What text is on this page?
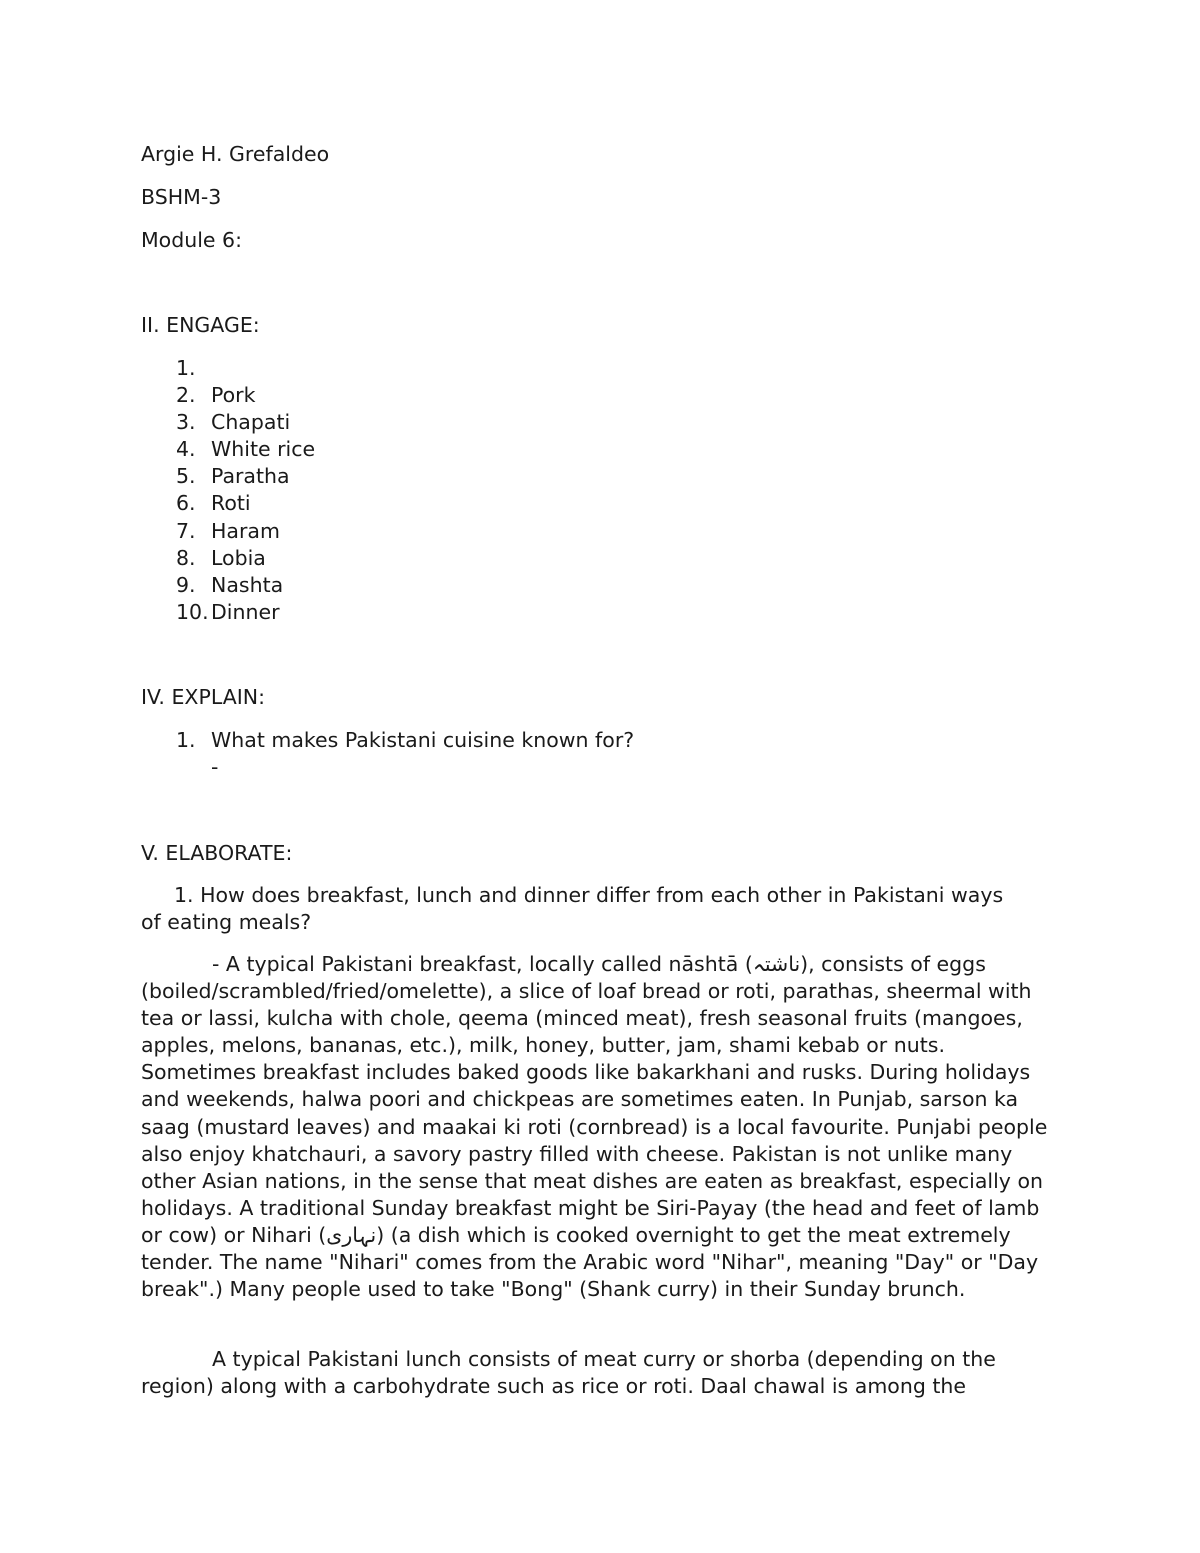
Argie H. Grefaldeo
BSHM-3
Module 6:
II. ENGAGE:
1.
2. Pork
3. Chapati
4. White rice
5. Paratha
6. Roti
7. Haram
8. Lobia
9. Nashta
10. Dinner
IV. EXPLAIN:
1. What makes Pakistani cuisine known for?
-
V. ELABORATE:
1. How does breakfast, lunch and dinner differ from each other in Pakistani ways
of eating meals?
- A typical Pakistani breakfast, locally called nāshtā (ناشتہ), consists of eggs (boiled/scrambled/fried/omelette), a slice of loaf bread or roti, parathas, sheermal with tea or lassi, kulcha with chole, qeema (minced meat), fresh seasonal fruits (mangoes, apples, melons, bananas, etc.), milk, honey, butter, jam, shami kebab or nuts. Sometimes breakfast includes baked goods like bakarkhani and rusks. During holidays and weekends, halwa poori and chickpeas are sometimes eaten. In Punjab, sarson ka saag (mustard leaves) and maakai ki roti (cornbread) is a local favourite. Punjabi people also enjoy khatchauri, a savory pastry filled with cheese. Pakistan is not unlike many other Asian nations, in the sense that meat dishes are eaten as breakfast, especially on holidays. A traditional Sunday breakfast might be Siri-Payay (the head and feet of lamb or cow) or Nihari (نہاری) (a dish which is cooked overnight to get the meat extremely tender. The name "Nihari" comes from the Arabic word "Nihar", meaning "Day" or "Day break".) Many people used to take "Bong" (Shank curry) in their Sunday brunch.
A typical Pakistani lunch consists of meat curry or shorba (depending on the region) along with a carbohydrate such as rice or roti. Daal chawal is among the
